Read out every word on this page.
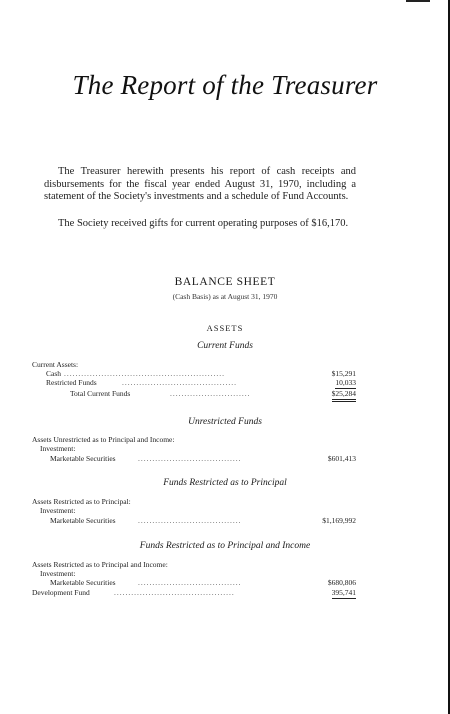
The Report of the Treasurer

The Treasurer herewith presents his report of cash receipts and disbursements for the fiscal year ended August 31, 1970, including a statement of the Society's investments and a schedule of Fund Accounts.

The Society received gifts for current operating purposes of $16,170.

BALANCE SHEET
(Cash Basis) as at August 31, 1970
ASSETS
Current Funds
Current Assets:
Cash ........................................................	$15,291
Restricted Funds	........................................	10,033
Total Current Funds	............................	$25,284
Unrestricted Funds
Assets Unrestricted as to Principal and Income:
Investment:
Marketable Securities	....................................	$601,413
Funds Restricted as to Principal
Assets Restricted as to Principal:
Investment:
Marketable Securities	....................................	$1,169,992
Funds Restricted as to Principal and Income
Assets Restricted as to Principal and Income:
Investment:
Marketable Securities	....................................	$680,806
Development Fund	..........................................	395,741
